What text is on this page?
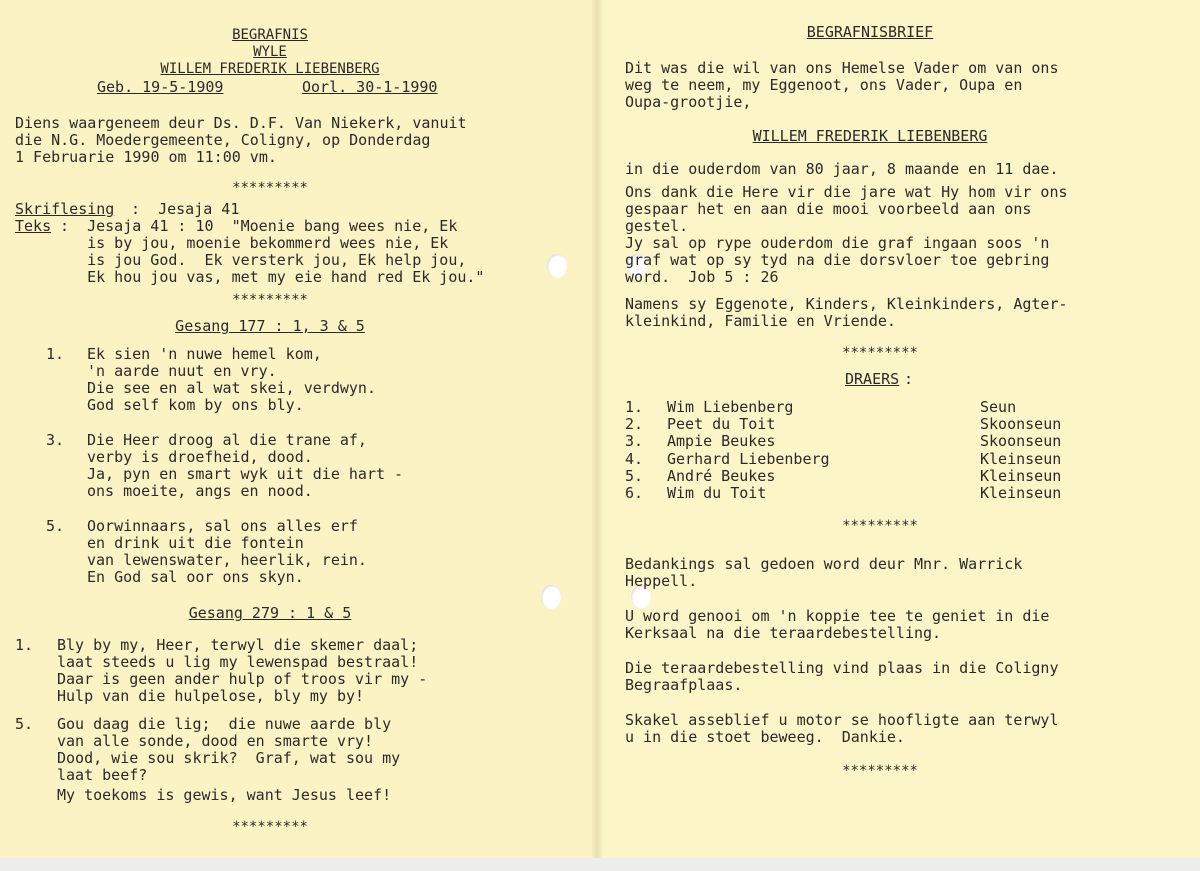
BEGRAFNIS
WYLE
WILLEM FREDERIK LIEBENBERG
Geb. 19-5-1909	Oorl. 30-1-1990
Diens waargeneem deur Ds. D.F. Van Niekerk, vanuit
die N.G. Moedergemeente, Coligny, op Donderdag
1 Februarie 1990 om 11:00 vm.
*********
Skriflesing :  Jesaja 41
Teks :  Jesaja 41 : 10  "Moenie bang wees nie, Ek
is by jou, moenie bekommerd wees nie, Ek
is jou God.  Ek versterk jou, Ek help jou,
Ek hou jou vas, met my eie hand red Ek jou."
*********
Gesang 177 : 1, 3 & 5
1. Ek sien 'n nuwe hemel kom,
'n aarde nuut en vry.
Die see en al wat skei, verdwyn.
God self kom by ons bly.
3. Die Heer droog al die trane af,
verby is droefheid, dood.
Ja, pyn en smart wyk uit die hart -
ons moeite, angs en nood.
5. Oorwinnaars, sal ons alles erf
en drink uit die fontein
van lewenswater, heerlik, rein.
En God sal oor ons skyn.
Gesang 279 : 1 & 5
1. Bly by my, Heer, terwyl die skemer daal;
laat steeds u lig my lewenspad bestraal!
Daar is geen ander hulp of troos vir my -
Hulp van die hulpelose, bly my by!
5. Gou daag die lig;  die nuwe aarde bly
van alle sonde, dood en smarte vry!
Dood, wie sou skrik?  Graf, wat sou my
laat beef?
My toekoms is gewis, want Jesus leef!
*********
BEGRAFNISBRIEF
Dit was die wil van ons Hemelse Vader om van ons
weg te neem, my Eggenoot, ons Vader, Oupa en
Oupa-grootjie,
WILLEM FREDERIK LIEBENBERG
in die ouderdom van 80 jaar, 8 maande en 11 dae.
Ons dank die Here vir die jare wat Hy hom vir ons
gespaar het en aan die mooi voorbeeld aan ons
gestel.
Jy sal op rype ouderdom die graf ingaan soos 'n
graf wat op sy tyd na die dorsvloer toe gebring
word.  Job 5 : 26
Namens sy Eggenote, Kinders, Kleinkinders, Agter-
kleinkind, Familie en Vriende.
*********
DRAERS :
1. Wim Liebenberg	Seun
2. Peet du Toit	Skoonseun
3. Ampie Beukes	Skoonseun
4. Gerhard Liebenberg	Kleinseun
5. André Beukes	Kleinseun
6. Wim du Toit	Kleinseun
*********
Bedankings sal gedoen word deur Mnr. Warrick
Heppell.
U word genooi om 'n koppie tee te geniet in die
Kerksaal na die teraardebestelling.
Die teraardebestelling vind plaas in die Coligny
Begraafplaas.
Skakel asseblief u motor se hoofligte aan terwyl
u in die stoet beweeg.  Dankie.
*********
